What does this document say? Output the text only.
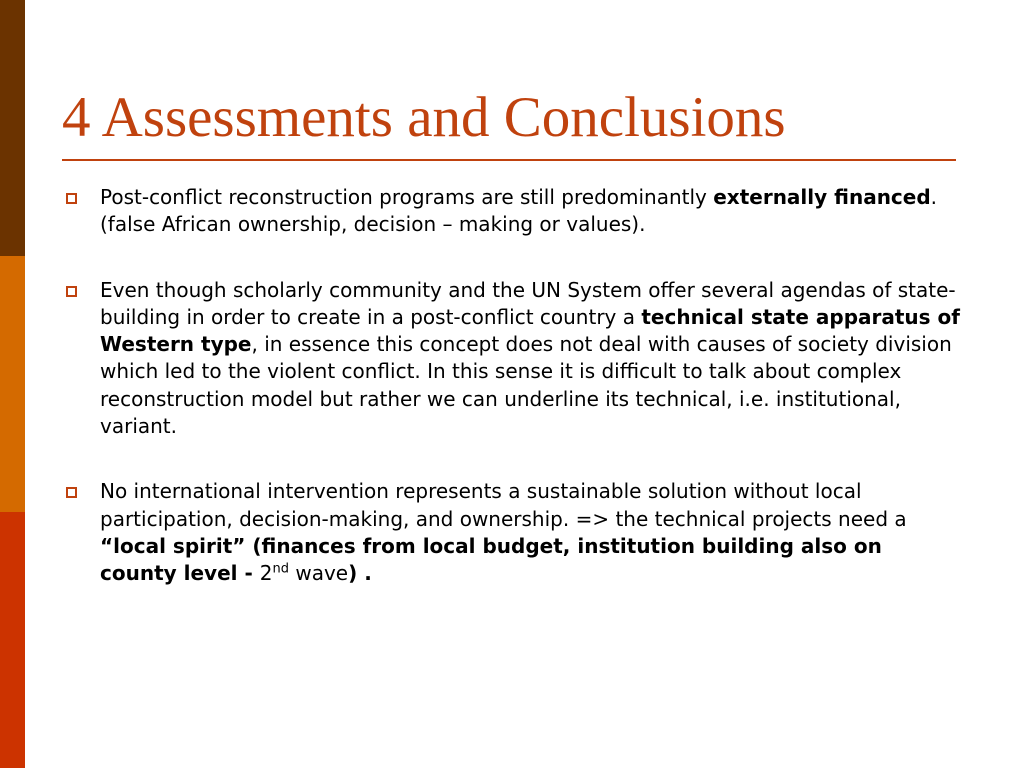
4 Assessments and Conclusions
Post-conflict reconstruction programs are still predominantly externally financed. (false African ownership, decision – making or values).
Even though scholarly community and the UN System offer several agendas of state-building in order to create in a post-conflict country a technical state apparatus of Western type, in essence this concept does not deal with causes of society division which led to the violent conflict. In this sense it is difficult to talk about complex reconstruction model but rather we can underline its technical, i.e. institutional, variant.
No international intervention represents a sustainable solution without local participation, decision-making, and ownership. => the technical projects need a “local spirit” (finances from local budget, institution building also on county level - 2nd wave) .
